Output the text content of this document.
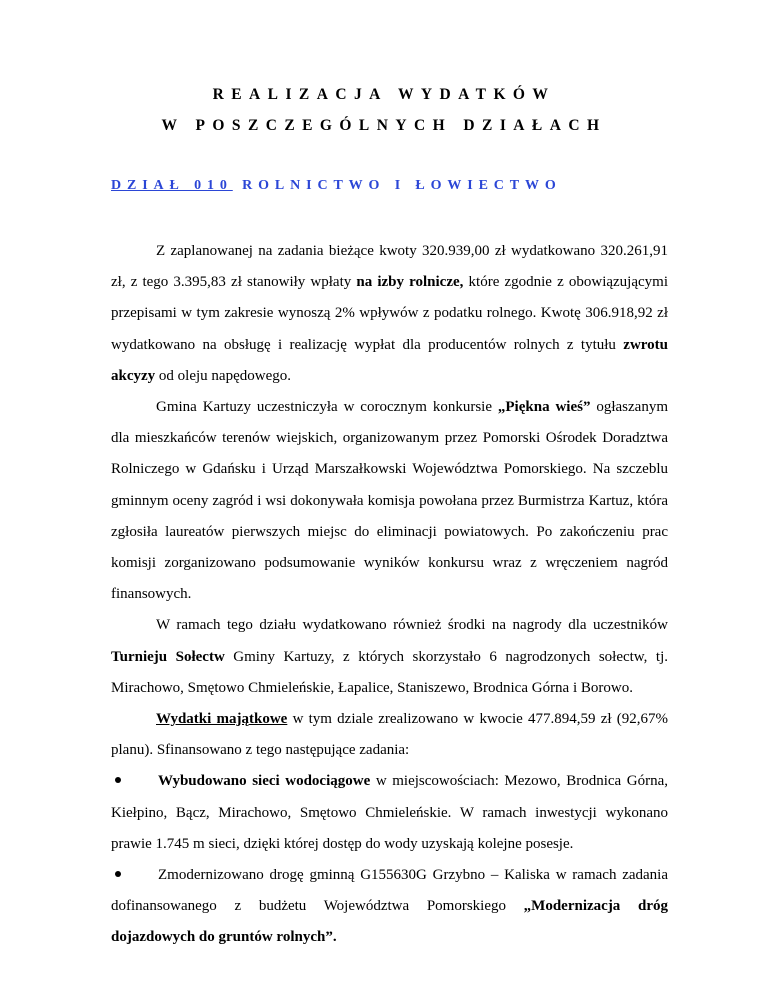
REALIZACJA WYDATKÓW
W POSZCZEGÓLNYCH DZIAŁACH
DZIAŁ 010 ROLNICTWO I ŁOWIECTWO

Z zaplanowanej na zadania bieżące kwoty 320.939,00 zł wydatkowano 320.261,91 zł, z tego 3.395,83 zł stanowiły wpłaty na izby rolnicze, które zgodnie z obowiązującymi przepisami w tym zakresie wynoszą 2% wpływów z podatku rolnego. Kwotę 306.918,92 zł wydatkowano na obsługę i realizację wypłat dla producentów rolnych z tytułu zwrotu akcyzy od oleju napędowego.

Gmina Kartuzy uczestniczyła w corocznym konkursie „Piękna wieś” ogłaszanym dla mieszkańców terenów wiejskich, organizowanym przez Pomorski Ośrodek Doradztwa Rolniczego w Gdańsku i Urząd Marszałkowski Województwa Pomorskiego. Na szczeblu gminnym oceny zagród i wsi dokonywała komisja powołana przez Burmistrza Kartuz, która zgłosiła laureatów pierwszych miejsc do eliminacji powiatowych. Po zakończeniu prac komisji zorganizowano podsumowanie wyników konkursu wraz z wręczeniem nagród finansowych.

W ramach tego działu wydatkowano również środki na nagrody dla uczestników Turnieju Sołectw Gminy Kartuzy, z których skorzystało 6 nagrodzonych sołectw, tj. Mirachowo, Smętowo Chmieleńskie, Łapalice, Staniszewo, Brodnica Górna i Borowo.

Wydatki majątkowe w tym dziale zrealizowano w kwocie 477.894,59 zł (92,67% planu). Sfinansowano z tego następujące zadania:

Wybudowano sieci wodociągowe w miejscowościach: Mezowo, Brodnica Górna, Kiełpino, Bącz, Mirachowo, Smętowo Chmieleńskie. W ramach inwestycji wykonano prawie 1.745 m sieci, dzięki której dostęp do wody uzyskają kolejne posesje.

Zmodernizowano drogę gminną G155630G Grzybno – Kaliska w ramach zadania dofinansowanego z budżetu Województwa Pomorskiego „Modernizacja dróg dojazdowych do gruntów rolnych”.
